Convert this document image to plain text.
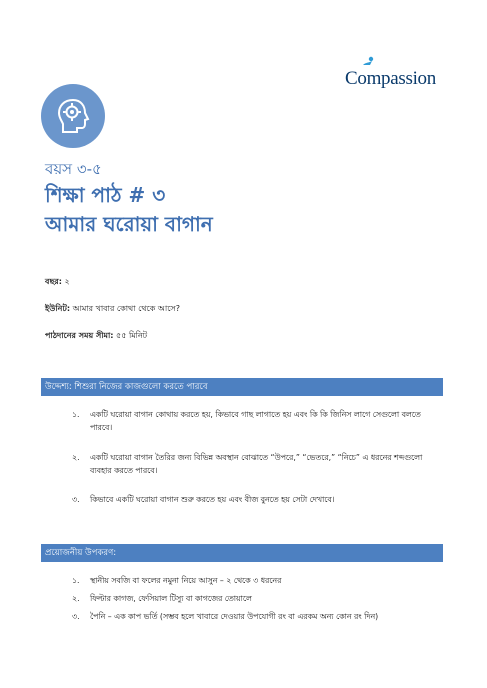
Compassion
বয়স ৩-৫
শিক্ষা পাঠ # ৩
আমার ঘরোয়া বাগান
বছর: ২
ইউনিট: আমার খাবার কোথা থেকে আসে?
পাঠদানের সময় সীমা: ৫৫ মিনিট
উদ্দেশ্য: শিশুরা নিজের কাজগুলো করতে পারবে
১. একটি ঘরোয়া বাগান কোথায় করতে হয়, কিভাবে গাছ লাগাতে হয় এবং কি কি জিনিস লাগে সেগুলো বলতে পারবে।
২. একটি ঘরোয়া বাগান তৈরির জন্য বিভিন্ন অবস্থান বোঝাতে “উপরে,” “ভেতরে,” “নিচে” এ ধরনের শব্দগুলো ব্যবহার করতে পারবে।
৩. কিভাবে একটি ঘরোয়া বাগান শুরু করতে হয় এবং বীজ বুনতে হয় সেটা দেখাবে।
প্রয়োজনীয় উপকরণ:
১. স্থানীয় সবজি বা ফলের নমুনা নিয়ে আসুন – ২ থেকে ৩ ধরনের
২. ফিল্টার কাগজ, ফেসিয়াল টিস্যু বা কাগজের তোয়ালে
৩. পৈনি – এক কাপ ভর্তি (সম্ভব হলে খাবারে দেওয়ার উপযোগী রং বা এরকম অন্য কোন রং দিন)
